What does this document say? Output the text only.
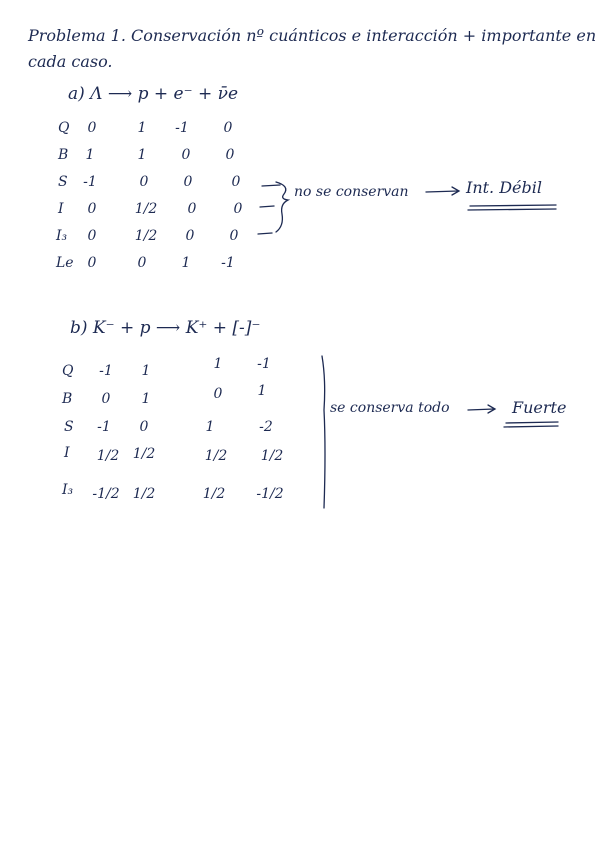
Problema 1. Conservación nº cuánticos e interacción + importante en
cada caso.
a) Λ ⟶ p + e⁻ + ν̄e
Q	0	1	-1	0
B	1	1	0	0
S	-1	0	0	0
I	0	1/2	0	0
I₃	0	1/2	0	0
Le 0	0	1	-1
no se conservan	Int. Débil
b) K⁻ + p ⟶ K⁺ + [-]⁻
Q	-1	1	1	-1
B	0	1	0	1
S	-1	0	1	-2
I 1/2 1/2	1/2 1/2
I₃ -1/2 1/2	1/2 -1/2
se conserva todo	Fuerte
